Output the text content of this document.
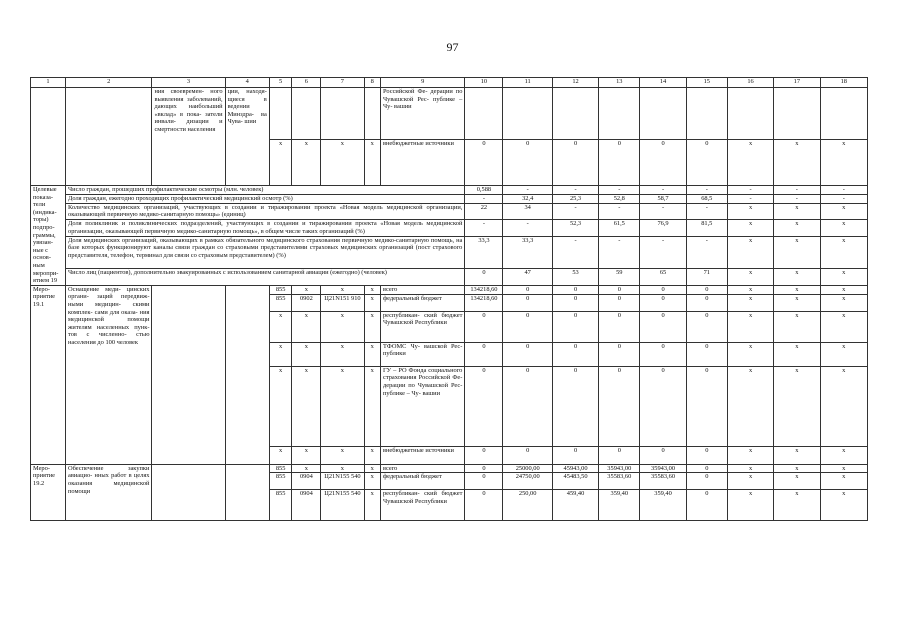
97
1	2	3	4	5	6	7	8	9	10	11	12	13	14	15	16	17	18
		ния своевремен- ного выявления заболеваний, дающих наибольший «вклад» в пока- затели инвали- дизации и смертности населения	ции, находя- щиеся в ведении Минздра- ва Чува- шии					Российской Фе- дерации по Чувашской Рес- публике – Чу- вашии									
				x	x	x	x	внебюджетные источники	0	0	0	0	0	0	x	x	x
Целевые показа- тели (индика- торы) подпро- граммы, увязан- ные с основ- ным меропри- ятием 19	Число граждан, прошедших профилактические осмотры (млн. человек)								0,588	-	-	-	-	-	-	-	-
	Доля граждан, ежегодно проходящих профилактический медицинский осмотр (%)								-	32,4	25,3	52,8	58,7	68,5	-	-	-
	Количество медицинских организаций, участвующих в создании и тиражировании проекта «Новая модель медицинской организации, оказывающей первичную медико-санитарную помощь» (единиц)								22	34	-	-	-	-	x	x	x
	Доля поликлиник и поликлинических подразделений, участвующих в создании и тиражировании проекта «Новая модель медицинской организации, оказывающей первичную медико-санитарную помощь», в общем числе таких организаций (%)								-	-	52,3	61,5	76,9	81,5	x	x	x
	Доля медицинских организаций, оказывающих в рамках обязательного медицинского страхования первичную медико-санитарную помощь, на базе которых функционируют каналы связи граждан со страховыми представителями страховых медицинских организаций (пост страхового представителя, телефон, терминал для связи со страховым представителем) (%)								33,3	33,3	-	-	-	-	x	x	x
	Число лиц (пациентов), дополнительно эвакуированных с использованием санитарной авиации (ежегодно) (человек)								0	47	53	59	65	71	x	x	x
Меро- приятие 19.1	Оснащение меди- цинских органи- заций передвиж- ными медицин- скими комплек- сами для оказа- ния медицинской помощи жителям населенных пунк- тов с численно- стью населения до 100 человек			855	x	x	x	всего	134218,60	0	0	0	0	0	x	x	x
				855	0902	Ц21N151 910	x	федеральный бюджет	134218,60	0	0	0	0	0	x	x	x
				x	x	x	x	республикан- ский бюджет Чувашской Республики	0	0	0	0	0	0	x	x	x
				x	x	x	x	ТФОМС Чу- вашской Рес- публики	0	0	0	0	0	0	x	x	x
				x	x	x	x	ГУ – РО Фонда социального страхования Российской Фе- дерации по Чувашской Рес- публике – Чу- вашии	0	0	0	0	0	0	x	x	x
				x	x	x	x	внебюджетные источники	0	0	0	0	0	0	x	x	x
Меро- приятие 19.2	Обеспечение закупки авиацио- нных работ в целях оказания медицинской помощи			855	x	x	x	всего	0	25000,00	45943,00	35943,00	35943,00	0	x	x	x
				855	0904	Ц21N155 540	x	федеральный бюджет	0	24750,00	45483,50	35583,60	35583,60	0	x	x	x
				855	0904	Ц21N155 540	x	республикан- ский бюджет Чувашской Республики	0	250,00	459,40	359,40	359,40	0	x	x	x
